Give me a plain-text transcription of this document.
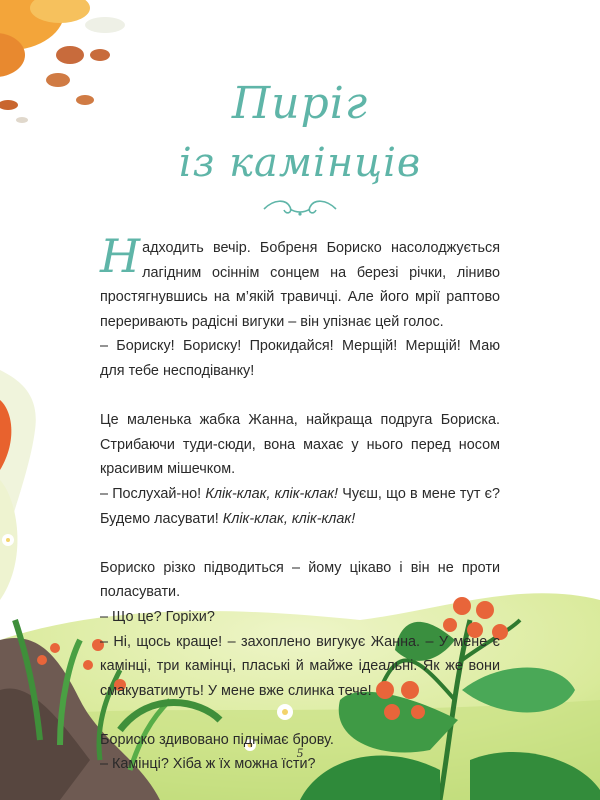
Пиріг
із камінців

Надходить вечір. Бобреня Бориско насолоджується лагідним осіннім сонцем на березі річки, ліниво простягнувшись на м’якій травичці. Але його мрії раптово переривають радісні вигуки – він упізнає цей голос.

– Бориску! Бориску! Прокидайся! Мерщій! Мерщій! Маю для тебе несподіванку!

Це маленька жабка Жанна, найкраща подруга Бориска. Стрибаючи туди-сюди, вона махає у нього перед носом красивим мішечком.

– Послухай-но! Клік-клак, клік-клак! Чуєш, що в мене тут є? Будемо ласувати! Клік-клак, клік-клак!

Бориско різко підводиться – йому цікаво і він не проти поласувати.

– Що це? Горіхи?

– Ні, щось краще! – захоплено вигукує Жанна. – У мене є камінці, три камінці, плаські й майже ідеальні. Як же вони смакуватимуть! У мене вже слинка тече!

Бориско здивовано піднімає брову.

– Камінці? Хіба ж їх можна їсти?

5
